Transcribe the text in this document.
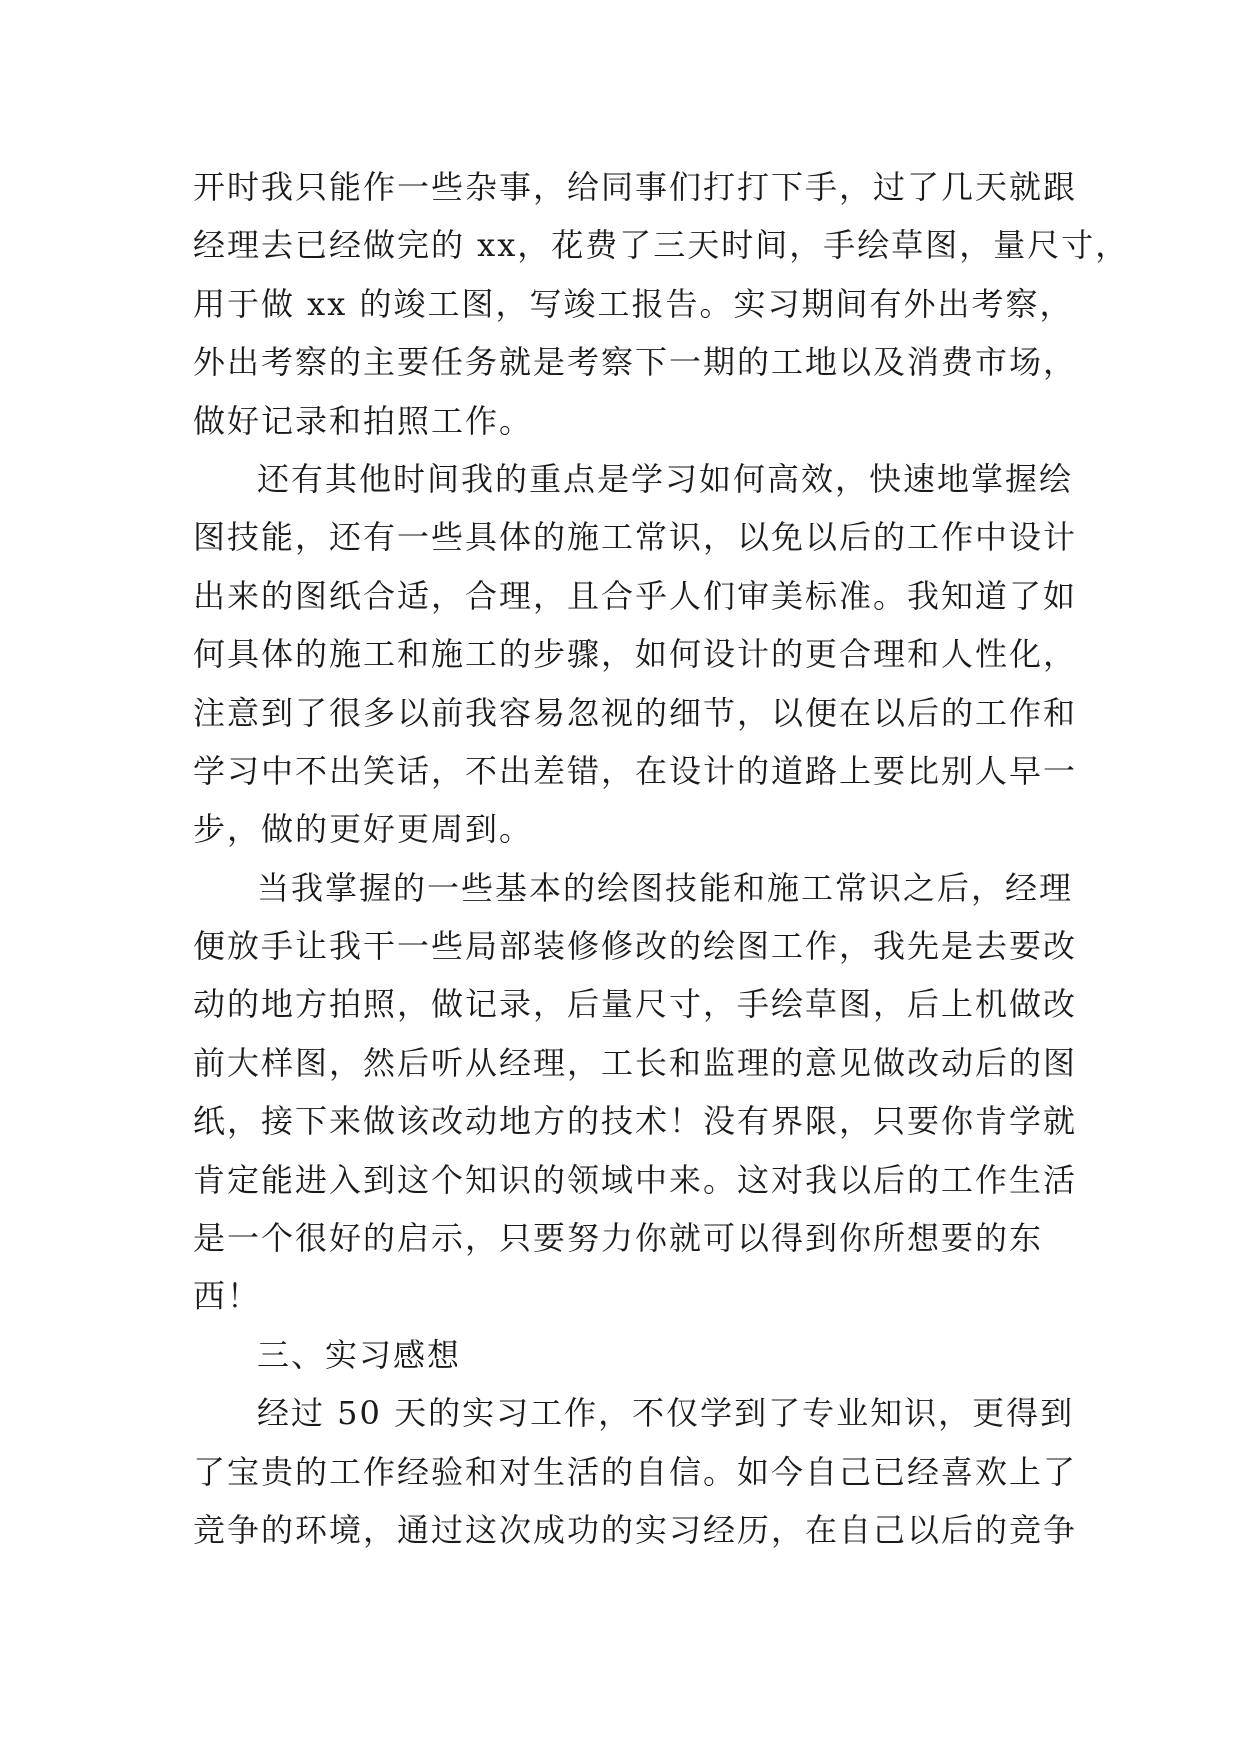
开时我只能作一些杂事，给同事们打打下手，过了几天就跟
经理去已经做完的 xx，花费了三天时间，手绘草图，量尺寸，
用于做 xx 的竣工图，写竣工报告。实习期间有外出考察，
外出考察的主要任务就是考察下一期的工地以及消费市场，
做好记录和拍照工作。
还有其他时间我的重点是学习如何高效，快速地掌握绘
图技能，还有一些具体的施工常识，以免以后的工作中设计
出来的图纸合适，合理，且合乎人们审美标准。我知道了如
何具体的施工和施工的步骤，如何设计的更合理和人性化，
注意到了很多以前我容易忽视的细节，以便在以后的工作和
学习中不出笑话，不出差错，在设计的道路上要比别人早一
步，做的更好更周到。
当我掌握的一些基本的绘图技能和施工常识之后，经理
便放手让我干一些局部装修修改的绘图工作，我先是去要改
动的地方拍照，做记录，后量尺寸，手绘草图，后上机做改
前大样图，然后听从经理，工长和监理的意见做改动后的图
纸，接下来做该改动地方的技术！没有界限，只要你肯学就
肯定能进入到这个知识的领域中来。这对我以后的工作生活
是一个很好的启示，只要努力你就可以得到你所想要的东
西！
三、实习感想
经过 50 天的实习工作，不仅学到了专业知识，更得到
了宝贵的工作经验和对生活的自信。如今自己已经喜欢上了
竞争的环境，通过这次成功的实习经历，在自己以后的竞争
